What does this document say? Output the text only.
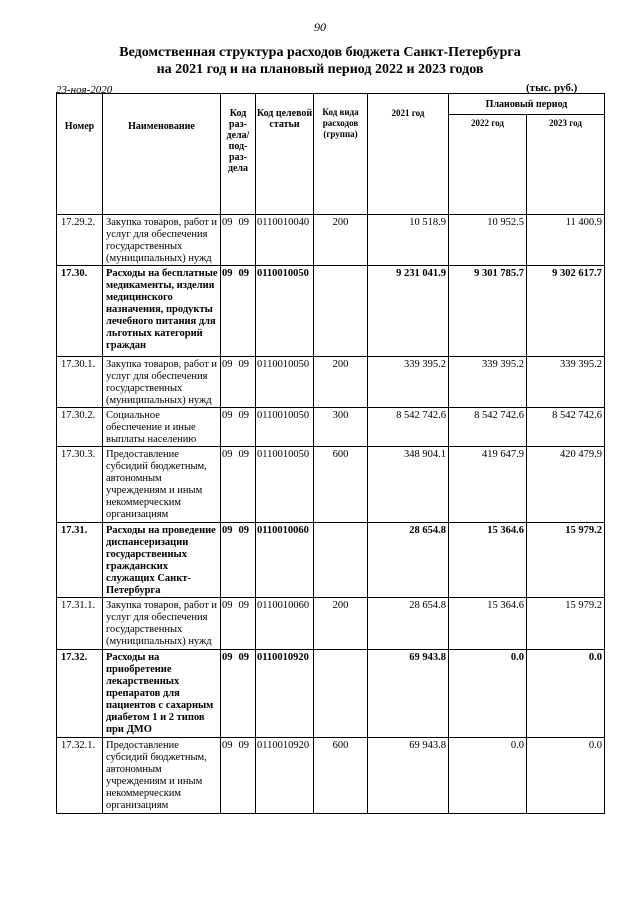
90
Ведомственная структура расходов бюджета Санкт-Петербурга
на 2021 год и на плановый период 2022 и 2023 годов
23-ноя-2020	(тыс. руб.)
Номер	Наименование	Код раз-дела/ под-раз-дела	Код целевой статьи	Код вида расходов (группа)	2021 год	Плановый период	
						2022 год	2023 год
17.29.2.	Закупка товаров, работ и услуг для обеспечения государственных (муниципальных) нужд	09 09	0110010040	200	10 518.9	10 952.5	11 400.9
17.30.	Расходы на бесплатные медикаменты, изделия медицинского назначения, продукты лечебного питания для льготных категорий граждан	09 09	0110010050		9 231 041.9	9 301 785.7	9 302 617.7
17.30.1.	Закупка товаров, работ и услуг для обеспечения государственных (муниципальных) нужд	09 09	0110010050	200	339 395.2	339 395.2	339 395.2
17.30.2.	Социальное обеспечение и иные выплаты населению	09 09	0110010050	300	8 542 742.6	8 542 742.6	8 542 742.6
17.30.3.	Предоставление субсидий бюджетным, автономным учреждениям и иным некоммерческим организациям	09 09	0110010050	600	348 904.1	419 647.9	420 479.9
17.31.	Расходы на проведение диспансеризации государственных гражданских служащих Санкт-Петербурга	09 09	0110010060		28 654.8	15 364.6	15 979.2
17.31.1.	Закупка товаров, работ и услуг для обеспечения государственных (муниципальных) нужд	09 09	0110010060	200	28 654.8	15 364.6	15 979.2
17.32.	Расходы на приобретение лекарственных препаратов для пациентов с сахарным диабетом 1 и 2 типов при ДМО	09 09	0110010920		69 943.8	0.0	0.0
17.32.1.	Предоставление субсидий бюджетным, автономным учреждениям и иным некоммерческим организациям	09 09	0110010920	600	69 943.8	0.0	0.0
